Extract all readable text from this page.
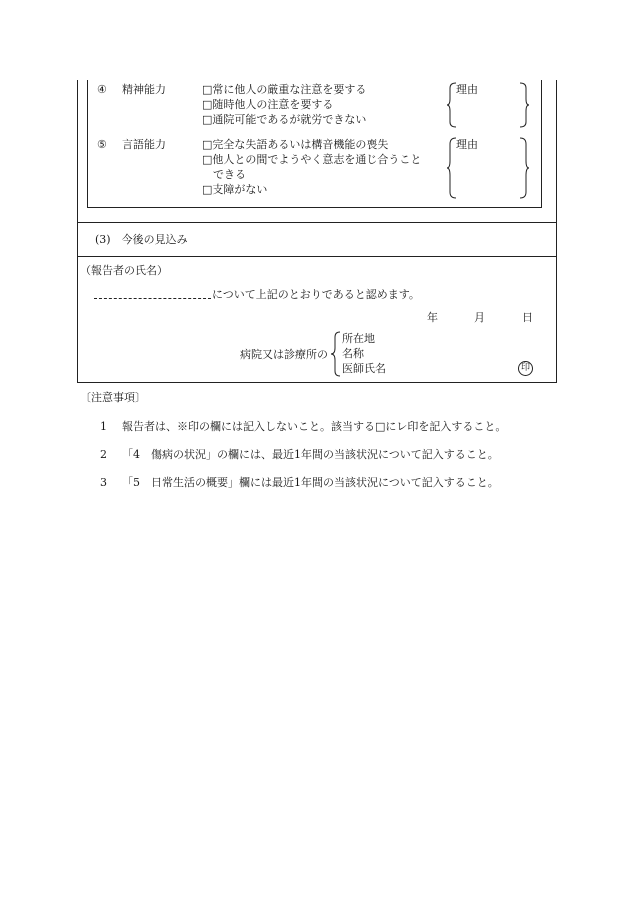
④ 精神能力	□常に他人の厳重な注意を要する
□随時他人の注意を要する
□通院可能であるが就労できない
理由
⑤ 言語能力	□完全な失語あるいは構音機能の喪失
□他人との間でようやく意志を通じ合うこと
できる
□支障がない
理由
(3)　今後の見込み
（報告者の氏名）
について上記のとおりであると認めます。
年	月	日
病院又は診療所の
所在地
名称
医師氏名	印
〔注意事項〕
1 報告者は、※印の欄には記入しないこと。該当する□にレ印を記入すること。
2 「4　傷病の状況」の欄には、最近1年間の当該状況について記入すること。
3 「5　日常生活の概要」欄には最近1年間の当該状況について記入すること。
